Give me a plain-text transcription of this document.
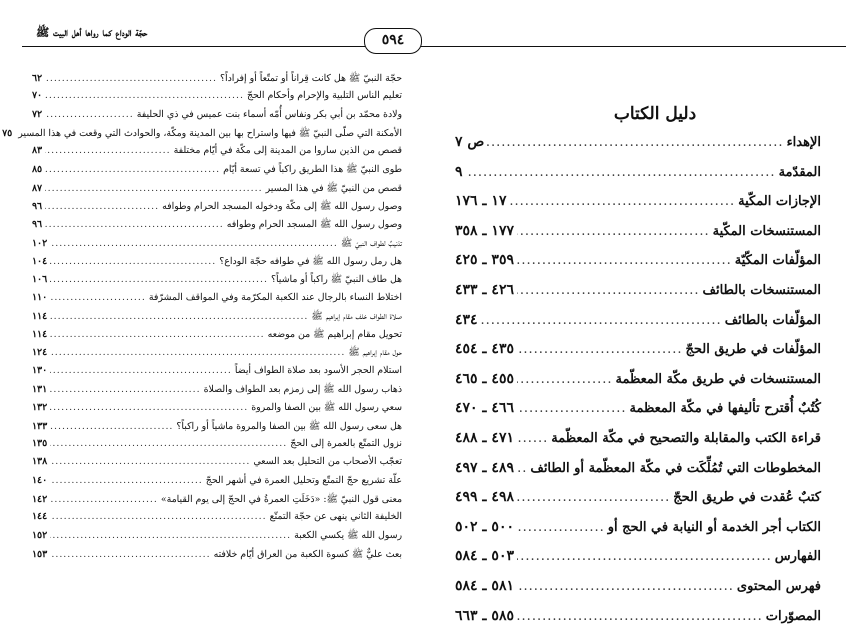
حجّة الوداع كما رواها أهل البيت ﷺ	٥٩٤
حجّة النبيّ ﷺ هل كانت قِراناً أو تمتّعاً أو إفراداً؟
.....
٦٢
تعليم الناس التلبية والإحرام وأحكام الحجّ
.....
٧٠
ولادة محمّد بن أبي بكر ونفاس أُمّه أسماء بنت عميس في ذي الحليفة
.....
٧٢
الأمكنة التي صلّى النبيّ ﷺ فيها واستراح بها بين المدينة ومكّة، والحوادث التي وقعت في هذا المسير
٧٥
قصص من الذين ساروا من المدينة إلى مكّة في أيّام مختلفة
.....
٨٣
طوى النبيّ ﷺ هذا الطريق راكباً في تسعة أيّام
.....
٨٥
قصص من النبيّ ﷺ في هذا المسير
.....
٨٧
وصول رسول الله ﷺ إلى مكّة ودخوله المسجد الحرام وطوافه
.....
٩٦
وصول رسول الله ﷺ المسجد الحرام وطوافه
.....
٩٦
تذنيبٌ لطواف النبيّ ﷺ
.....
١٠٢
هل رمل رسول الله ﷺ في طوافه حجّة الوداع؟
.....
١٠٤
هل طاف النبيّ ﷺ راكباً أو ماشياً؟
.....
١٠٦
اختلاط النساء بالرجال عند الكعبة المكرّمة وفي المواقف المشرّفة
.....
١١٠
صلاة الطواف خلف مقام إبراهيم ﷺ
.....
١١٤
تحويل مقام إبراهيم ﷺ من موضعه
.....
١١٤
حول مقام إبراهيم ﷺ
.....
١٢٤
استلام الحجر الأسود بعد صلاة الطواف أيضاً
.....
١٣٠
ذهاب رسول الله ﷺ إلى زمزم بعد الطواف والصلاة
.....
١٣١
سعي رسول الله ﷺ بين الصفا والمروة
.....
١٣٢
هل سعى رسول الله ﷺ بين الصفا والمروة ماشياً أو راكباً؟
.....
١٣٣
نزول التمتّع بالعمرة إلى الحجّ
.....
١٣٥
تعجّب الأصحاب من التحليل بعد السعي
.....
١٣٨
علّة تشريع حجّ التمتّع وتحليل العمرة في أشهر الحجّ
.....
١٤٠
معنى قول النبيّ ﷺ: «دَخَلَتِ العمرةُ في الحجّ إلى يوم القيامة»
.....
١٤٢
الخليفة الثاني ينهى عن حجّة التمتّع
.....
١٤٤
رسول الله ﷺ يكسي الكعبة
.....
١٥٢
بعث عليٌّ ﷺ كسوة الكعبة من العراق أيّام خلافته
.....
١٥٣
دليل الكتاب
الإهداء
.....
ص ٧
المقدّمة
.....
٩
الإجازات المكّية
.....
١٧ ـ ١٧٦
المستنسخات المكّية
.....
١٧٧ ـ ٣٥٨
المؤلّفات المكّيّة
.....
٣٥٩ ـ ٤٢٥
المستنسخات بالطائف
.....
٤٢٦ ـ ٤٣٣
المؤلّفات بالطائف
.....
٤٣٤
المؤلّفات في طريق الحجّ
.....
٤٣٥ ـ ٤٥٤
المستنسخات في طريق مكّة المعظّمة
.....
٤٥٥ ـ ٤٦٥
كُتُبٌ أُقترح تأليفها في مكّة المعظمة
.....
٤٦٦ ـ ٤٧٠
قراءة الكتب والمقابلة والتصحيح في مكّة المعظّمة
.....
٤٧١ ـ ٤٨٨
المخطوطات التي تُمُلِّكَت في مكّة المعظّمة أو الطائف
.....
٤٨٩ ـ ٤٩٧
كتبٌ عُقدت في طريق الحجّ
.....
٤٩٨ ـ ٤٩٩
الكتاب أجر الخدمة أو النيابة في الحج أو
.....
٥٠٠ ـ ٥٠٢
الفهارس
.....
٥٠٣ ـ ٥٨٤
فهرس المحتوى
.....
٥٨١ ـ ٥٨٤
المصوّرات
.....
٥٨٥ ـ ٦٦٣
